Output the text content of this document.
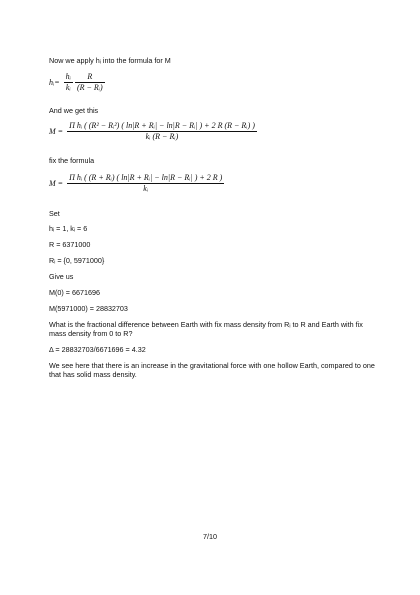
Now we apply hᵢ into the formula for M
hᵢ= $\frac{\text{hᵢ}}{\text{kᵢ}}$
$\frac{R}{\text{(R − Rᵢ)}}$
And we get this
M =
Π hᵢ ( (R² − Rᵢ²) ( ln|R + Rᵢ| − ln|R − Rᵢ| ) + 2 R (R − Rᵢ) )
kᵢ (R − Rᵢ)
fix the formula
$M = \frac{\text{Π hᵢ ( (R + Rᵢ) ( ln|R + Rᵢ| − ln|R − Rᵢ| ) + 2 R )}}{\text{kᵢ}}$
Set
hᵢ = 1, kᵢ = 6
R = 6371000
Rᵢ = {0, 5971000}
Give us
M(0) = 6671696
M(5971000) = 28832703
What is the fractional difference between Earth with fix mass density from Rᵢ to R and Earth with fix mass density from 0 to R?
Δ = 28832703/6671696 = 4.32
We see here that there is an increase in the gravitational force with one hollow Earth, compared to one that has solid mass density.
7/10
